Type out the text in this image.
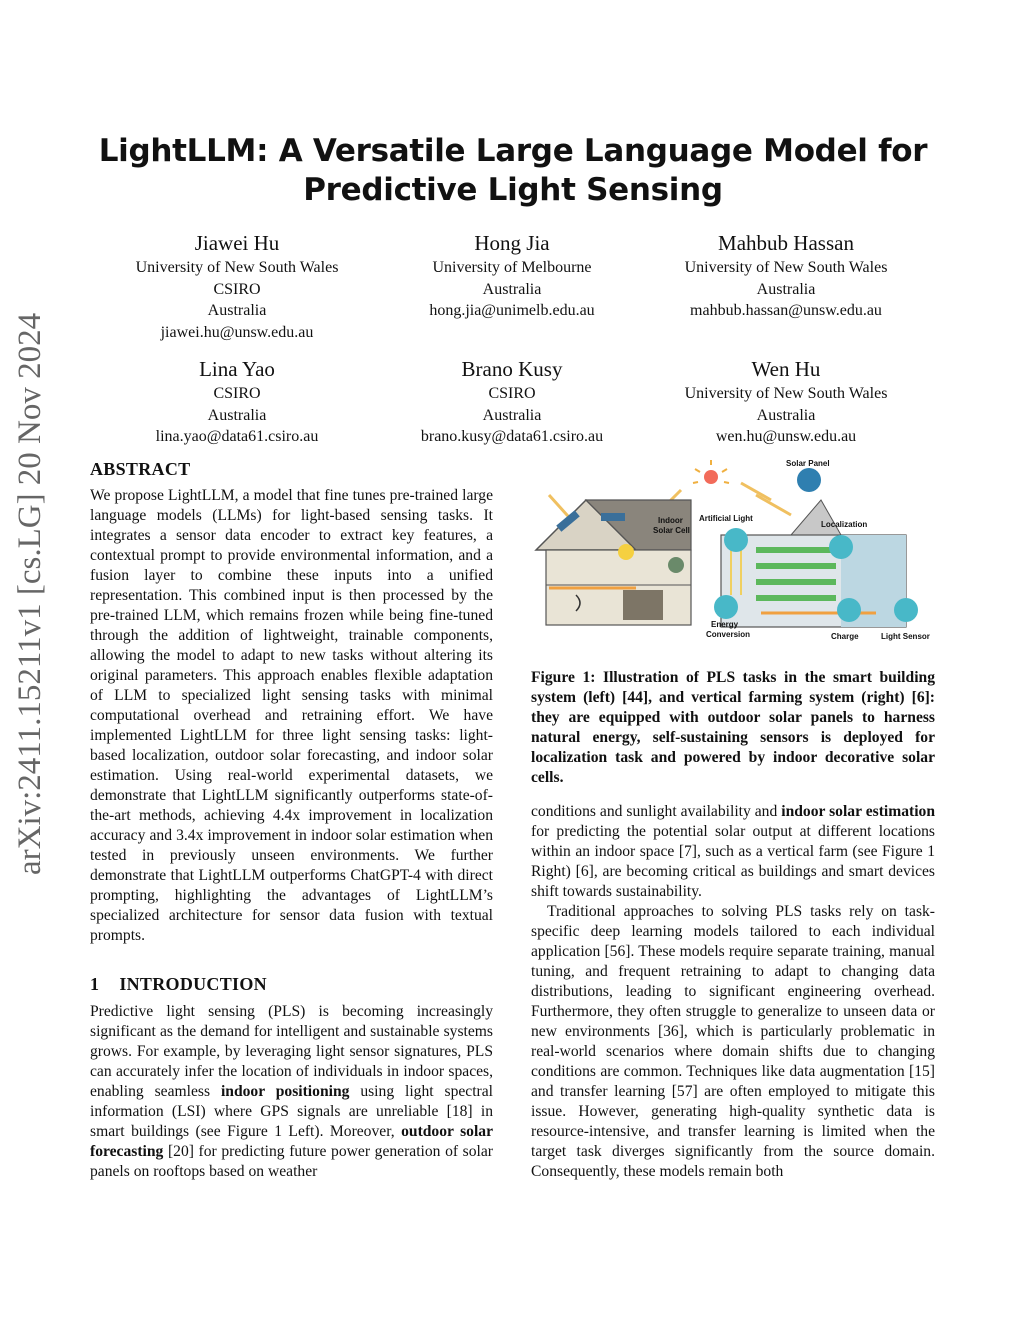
arXiv:2411.15211v1 [cs.LG] 20 Nov 2024
LightLLM: A Versatile Large Language Model for
Predictive Light Sensing
Jiawei Hu
University of New South Wales
CSIRO
Australia
jiawei.hu@unsw.edu.au
Hong Jia
University of Melbourne
Australia
hong.jia@unimelb.edu.au
Mahbub Hassan
University of New South Wales
Australia
mahbub.hassan@unsw.edu.au
Lina Yao
CSIRO
Australia
lina.yao@data61.csiro.au
Brano Kusy
CSIRO
Australia
brano.kusy@data61.csiro.au
Wen Hu
University of New South Wales
Australia
wen.hu@unsw.edu.au
ABSTRACT
We propose LightLLM, a model that fine tunes pre-trained large language models (LLMs) for light-based sensing tasks. It integrates a sensor data encoder to extract key features, a contextual prompt to provide environmental information, and a fusion layer to combine these inputs into a unified representation. This combined input is then processed by the pre-trained LLM, which remains frozen while being fine-tuned through the addition of lightweight, trainable components, allowing the model to adapt to new tasks without altering its original parameters. This approach enables flexible adaptation of LLM to specialized light sensing tasks with minimal computational overhead and retraining effort. We have implemented LightLLM for three light sensing tasks: light-based localization, outdoor solar forecasting, and indoor solar estimation. Using real-world experimental datasets, we demonstrate that LightLLM significantly outperforms state-of-the-art methods, achieving 4.4x improvement in localization accuracy and 3.4x improvement in indoor solar estimation when tested in previously unseen environments. We further demonstrate that LightLLM outperforms ChatGPT-4 with direct prompting, highlighting the advantages of LightLLM’s specialized architecture for sensor data fusion with textual prompts.
1 INTRODUCTION
Predictive light sensing (PLS) is becoming increasingly significant as the demand for intelligent and sustainable systems grows. For example, by leveraging light sensor signatures, PLS can accurately infer the location of individuals in indoor spaces, enabling seamless indoor positioning using light spectral information (LSI) where GPS signals are unreliable [18] in smart buildings (see Figure 1 Left). Moreover, outdoor solar forecasting [20] for predicting future power generation of solar panels on rooftops based on weather
Solar Panel
Indoor
Solar Cell
Artificial Light
Localization
Energy
Conversion	Charge	Light Sensor
Figure 1: Illustration of PLS tasks in the smart building system (left) [44], and vertical farming system (right) [6]: they are equipped with outdoor solar panels to harness natural energy, self-sustaining sensors is deployed for localization task and powered by indoor decorative solar cells.
conditions and sunlight availability and indoor solar estimation for predicting the potential solar output at different locations within an indoor space [7], such as a vertical farm (see Figure 1 Right) [6], are becoming critical as buildings and smart devices shift towards sustainability.
Traditional approaches to solving PLS tasks rely on task-specific deep learning models tailored to each individual application [56]. These models require separate training, manual tuning, and frequent retraining to adapt to changing data distributions, leading to significant engineering overhead. Furthermore, they often struggle to generalize to unseen data or new environments [36], which is particularly problematic in real-world scenarios where domain shifts due to changing conditions are common. Techniques like data augmentation [15] and transfer learning [57] are often employed to mitigate this issue. However, generating high-quality synthetic data is resource-intensive, and transfer learning is limited when the target task diverges significantly from the source domain. Consequently, these models remain both
